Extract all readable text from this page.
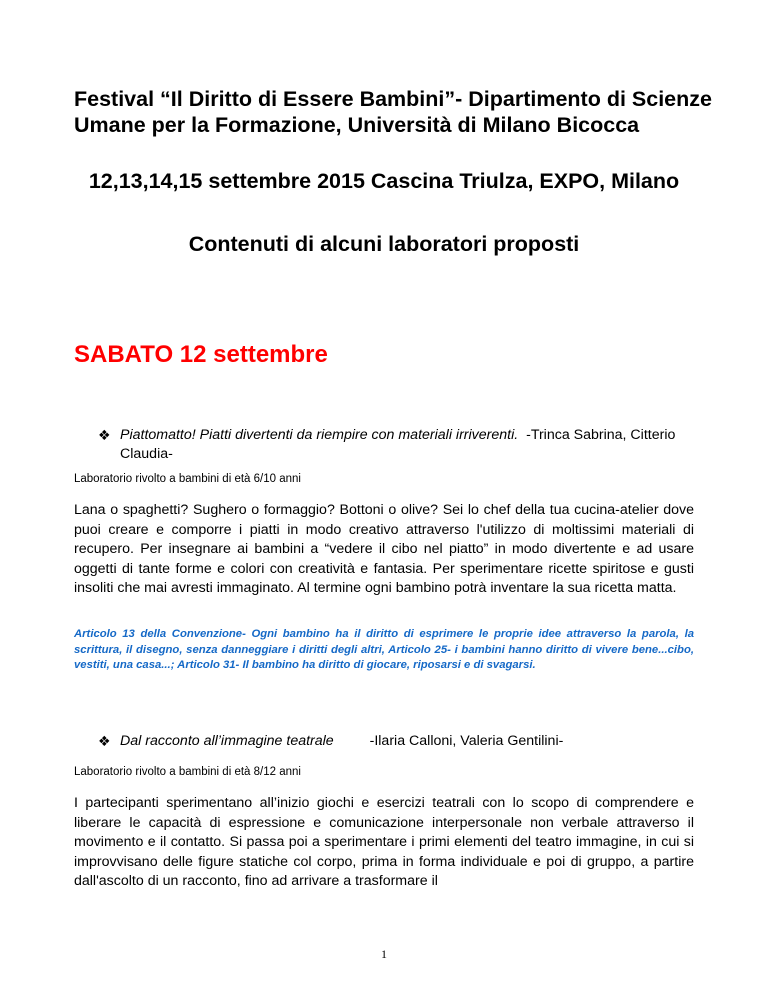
Festival “Il Diritto di Essere Bambini”- Dipartimento di Scienze Umane per la Formazione, Università di Milano Bicocca
12,13,14,15 settembre 2015 Cascina Triulza, EXPO, Milano
Contenuti di alcuni laboratori proposti
SABATO 12 settembre
❖ Piattomatto! Piatti divertenti da riempire con materiali irriverenti. -Trinca Sabrina, Citterio Claudia-
Laboratorio rivolto a bambini di età 6/10 anni

Lana o spaghetti? Sughero o formaggio? Bottoni o olive? Sei lo chef della tua cucina-atelier dove puoi creare e comporre i piatti in modo creativo attraverso l'utilizzo di moltissimi materiali di recupero. Per insegnare ai bambini a “vedere il cibo nel piatto” in modo divertente e ad usare oggetti di tante forme e colori con creatività e fantasia. Per sperimentare ricette spiritose e gusti insoliti che mai avresti immaginato. Al termine ogni bambino potrà inventare la sua ricetta matta.

Articolo 13 della Convenzione- Ogni bambino ha il diritto di esprimere le proprie idee attraverso la parola, la scrittura, il disegno, senza danneggiare i diritti degli altri, Articolo 25- i bambini hanno diritto di vivere bene...cibo, vestiti, una casa...; Articolo 31- Il bambino ha diritto di giocare, riposarsi e di svagarsi.

❖ Dal racconto all’immagine teatrale	-Ilaria Calloni, Valeria Gentilini-
Laboratorio rivolto a bambini di età 8/12 anni

I partecipanti sperimentano all’inizio giochi e esercizi teatrali con lo scopo di comprendere e liberare le capacità di espressione e comunicazione interpersonale non verbale attraverso il movimento e il contatto. Si passa poi a sperimentare i primi elementi del teatro immagine, in cui si improvvisano delle figure statiche col corpo, prima in forma individuale e poi di gruppo, a partire dall'ascolto di un racconto, fino ad arrivare a trasformare il

1
